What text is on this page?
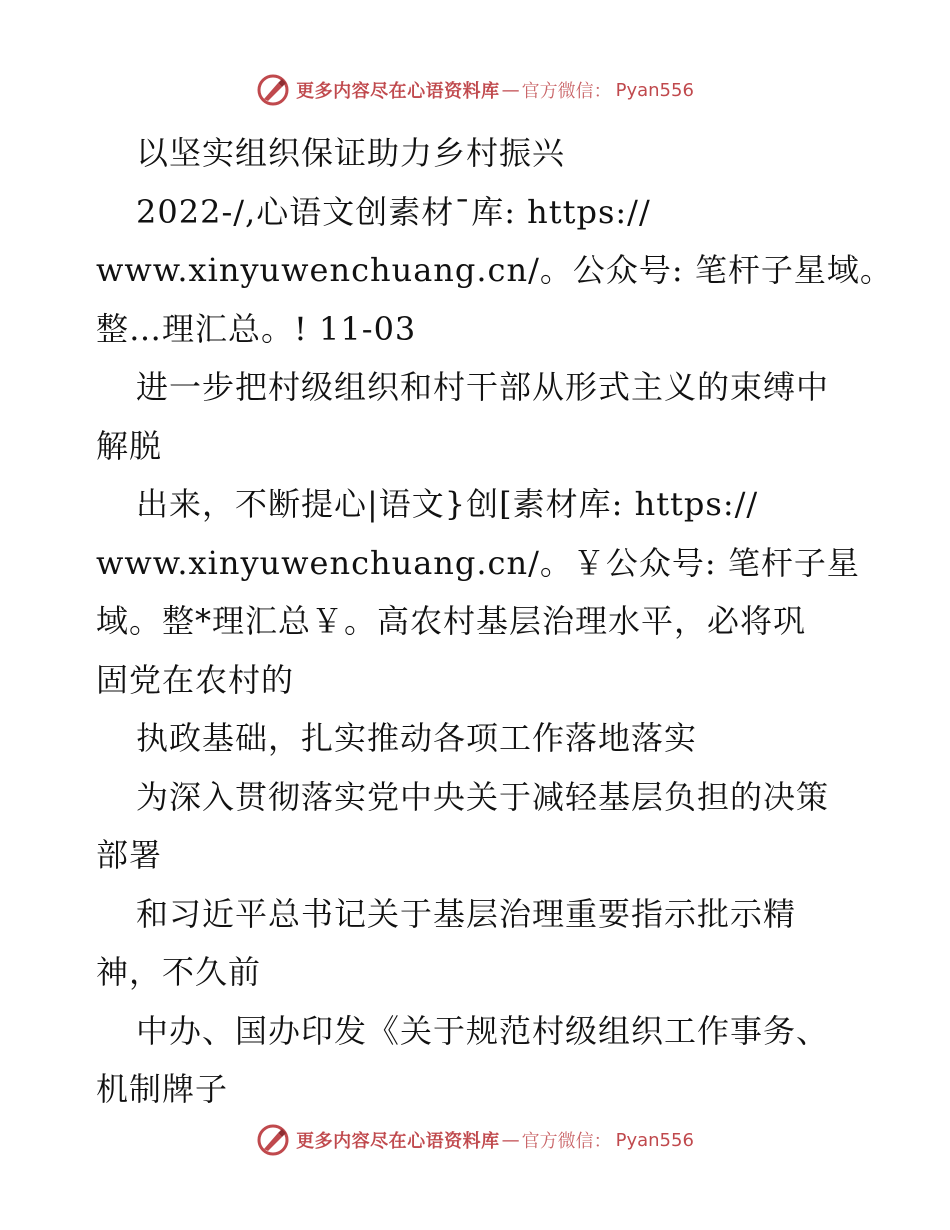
更多内容尽在心语资料库 — 官方微信： Pyan556
以坚实组织保证助力乡村振兴
2022-/,心语文创素材¯库: https://
www.xinyuwenchuang.cn/。公众号: 笔杆子星域。
整…理汇总。! 11-03
进一步把村级组织和村干部从形式主义的束缚中
解脱
出来，不断提心|语文}创[素材库: https://
www.xinyuwenchuang.cn/。￥公众号: 笔杆子星
域。整*理汇总￥。高农村基层治理水平，必将巩
固党在农村的
执政基础，扎实推动各项工作落地落实
为深入贯彻落实党中央关于减轻基层负担的决策
部署
和习近平总书记关于基层治理重要指示批示精
神，不久前
中办、国办印发《关于规范村级组织工作事务、
机制牌子
更多内容尽在心语资料库 — 官方微信： Pyan556
